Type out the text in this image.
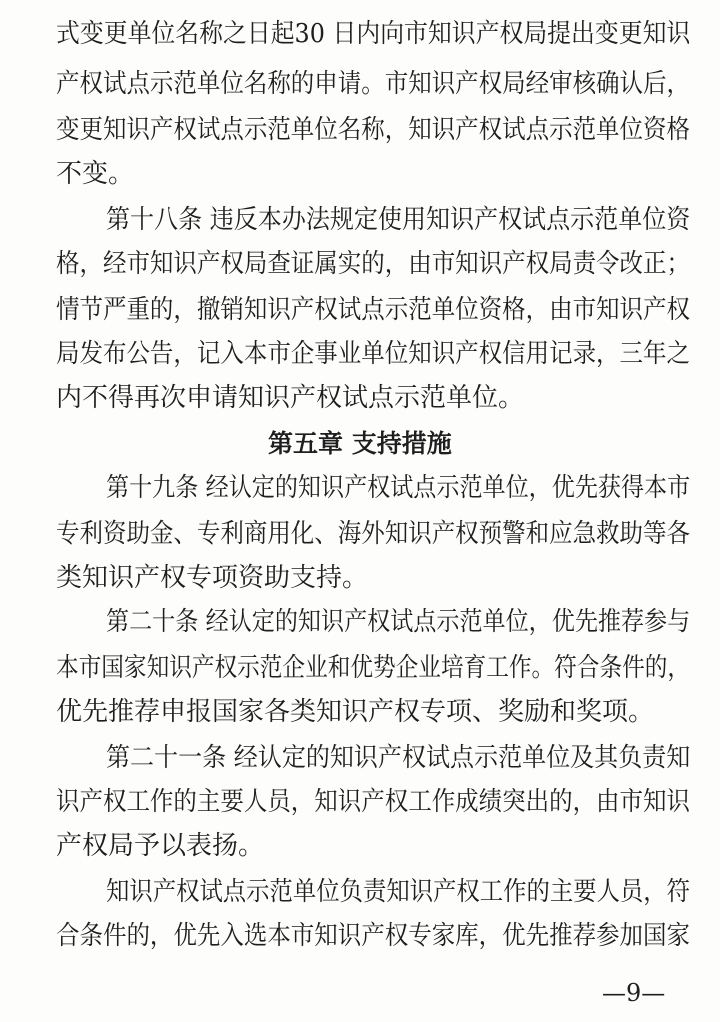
式变更单位名称之日起30 日内向市知识产权局提出变更知识
产权试点示范单位名称的申请。市知识产权局经审核确认后，
变更知识产权试点示范单位名称，知识产权试点示范单位资格
不变。
第十八条 违反本办法规定使用知识产权试点示范单位资
格，经市知识产权局查证属实的，由市知识产权局责令改正；
情节严重的，撤销知识产权试点示范单位资格，由市知识产权
局发布公告，记入本市企事业单位知识产权信用记录，三年之
内不得再次申请知识产权试点示范单位。
第五章 支持措施
第十九条 经认定的知识产权试点示范单位，优先获得本市
专利资助金、专利商用化、海外知识产权预警和应急救助等各
类知识产权专项资助支持。
第二十条 经认定的知识产权试点示范单位，优先推荐参与
本市国家知识产权示范企业和优势企业培育工作。符合条件的，
优先推荐申报国家各类知识产权专项、奖励和奖项。
第二十一条 经认定的知识产权试点示范单位及其负责知
识产权工作的主要人员，知识产权工作成绩突出的，由市知识
产权局予以表扬。
知识产权试点示范单位负责知识产权工作的主要人员，符
合条件的，优先入选本市知识产权专家库，优先推荐参加国家
—9—
